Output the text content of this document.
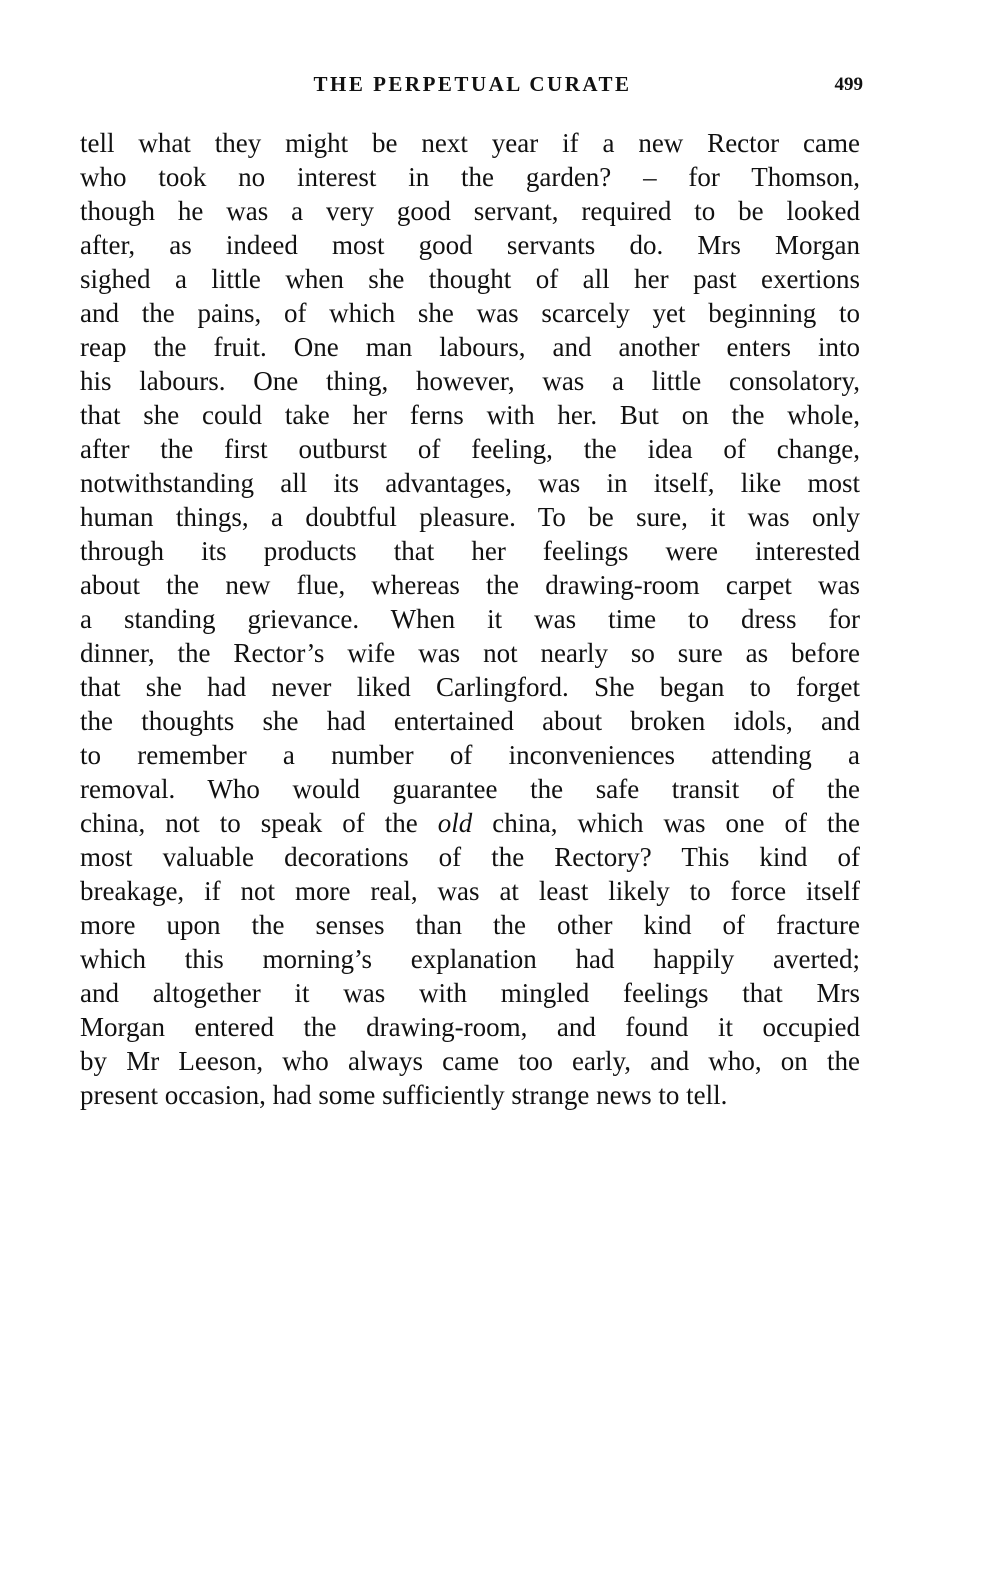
THE PERPETUAL CURATE	499
tell what they might be next year if a new Rector came
who took no interest in the garden? – for Thomson,
though he was a very good servant, required to be looked
after, as indeed most good servants do. Mrs Morgan
sighed a little when she thought of all her past exertions
and the pains, of which she was scarcely yet beginning to
reap the fruit. One man labours, and another enters into
his labours. One thing, however, was a little consolatory,
that she could take her ferns with her. But on the whole,
after the first outburst of feeling, the idea of change,
notwithstanding all its advantages, was in itself, like most
human things, a doubtful pleasure. To be sure, it was only
through its products that her feelings were interested
about the new flue, whereas the drawing-room carpet was
a standing grievance. When it was time to dress for
dinner, the Rector’s wife was not nearly so sure as before
that she had never liked Carlingford. She began to forget
the thoughts she had entertained about broken idols, and
to remember a number of inconveniences attending a
removal. Who would guarantee the safe transit of the
china, not to speak of the old china, which was one of the
most valuable decorations of the Rectory? This kind of
breakage, if not more real, was at least likely to force itself
more upon the senses than the other kind of fracture
which this morning’s explanation had happily averted;
and altogether it was with mingled feelings that Mrs
Morgan entered the drawing-room, and found it occupied
by Mr Leeson, who always came too early, and who, on the
present occasion, had some sufficiently strange news to tell.
